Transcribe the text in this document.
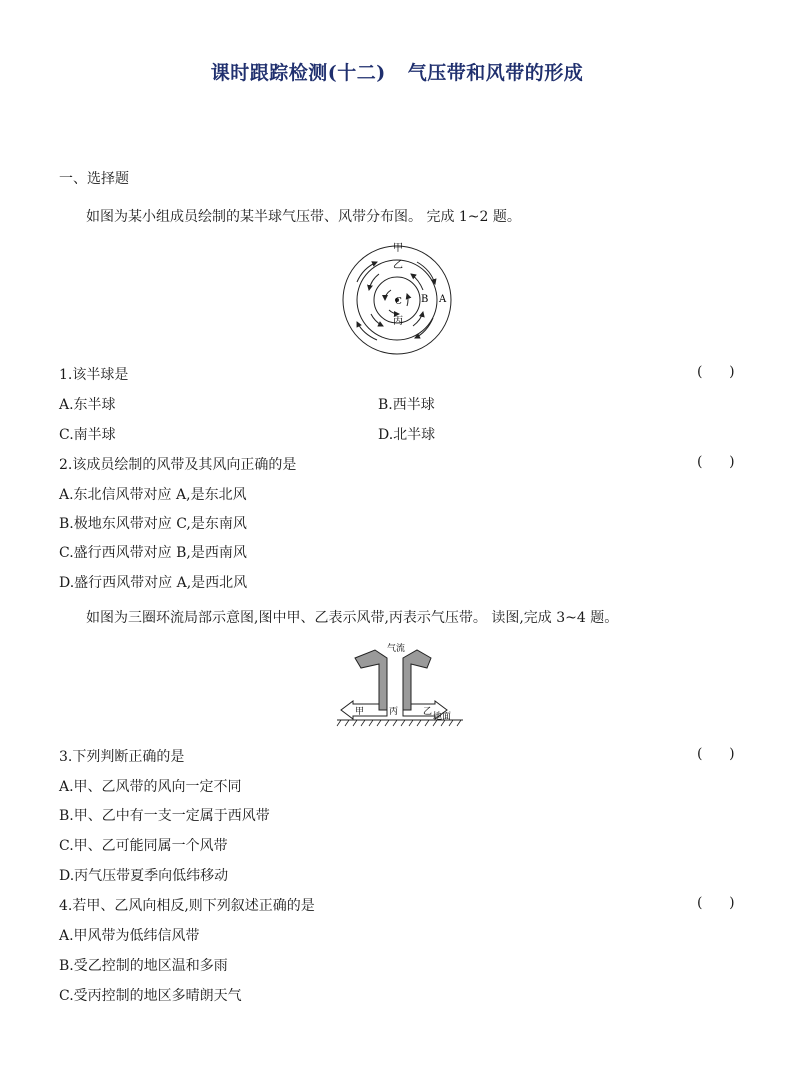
课时跟踪检测(十二) 气压带和风带的形成
一、选择题
如图为某小组成员绘制的某半球气压带、风带分布图。 完成 1~2 题。
甲
乙
丙
A
B
C
1.该半球是	(      )
A.东半球	B.西半球
C.南半球	D.北半球
2.该成员绘制的风带及其风向正确的是	(      )
A.东北信风带对应 A,是东北风
B.极地东风带对应 C,是东南风
C.盛行西风带对应 B,是西南风
D.盛行西风带对应 A,是西北风
如图为三圈环流局部示意图,图中甲、乙表示风带,丙表示气压带。 读图,完成 3~4 题。
气流
甲	丙	乙 地面
3.下列判断正确的是	(      )
A.甲、乙风带的风向一定不同
B.甲、乙中有一支一定属于西风带
C.甲、乙可能同属一个风带
D.丙气压带夏季向低纬移动
4.若甲、乙风向相反,则下列叙述正确的是	(      )
A.甲风带为低纬信风带
B.受乙控制的地区温和多雨
C.受丙控制的地区多晴朗天气
